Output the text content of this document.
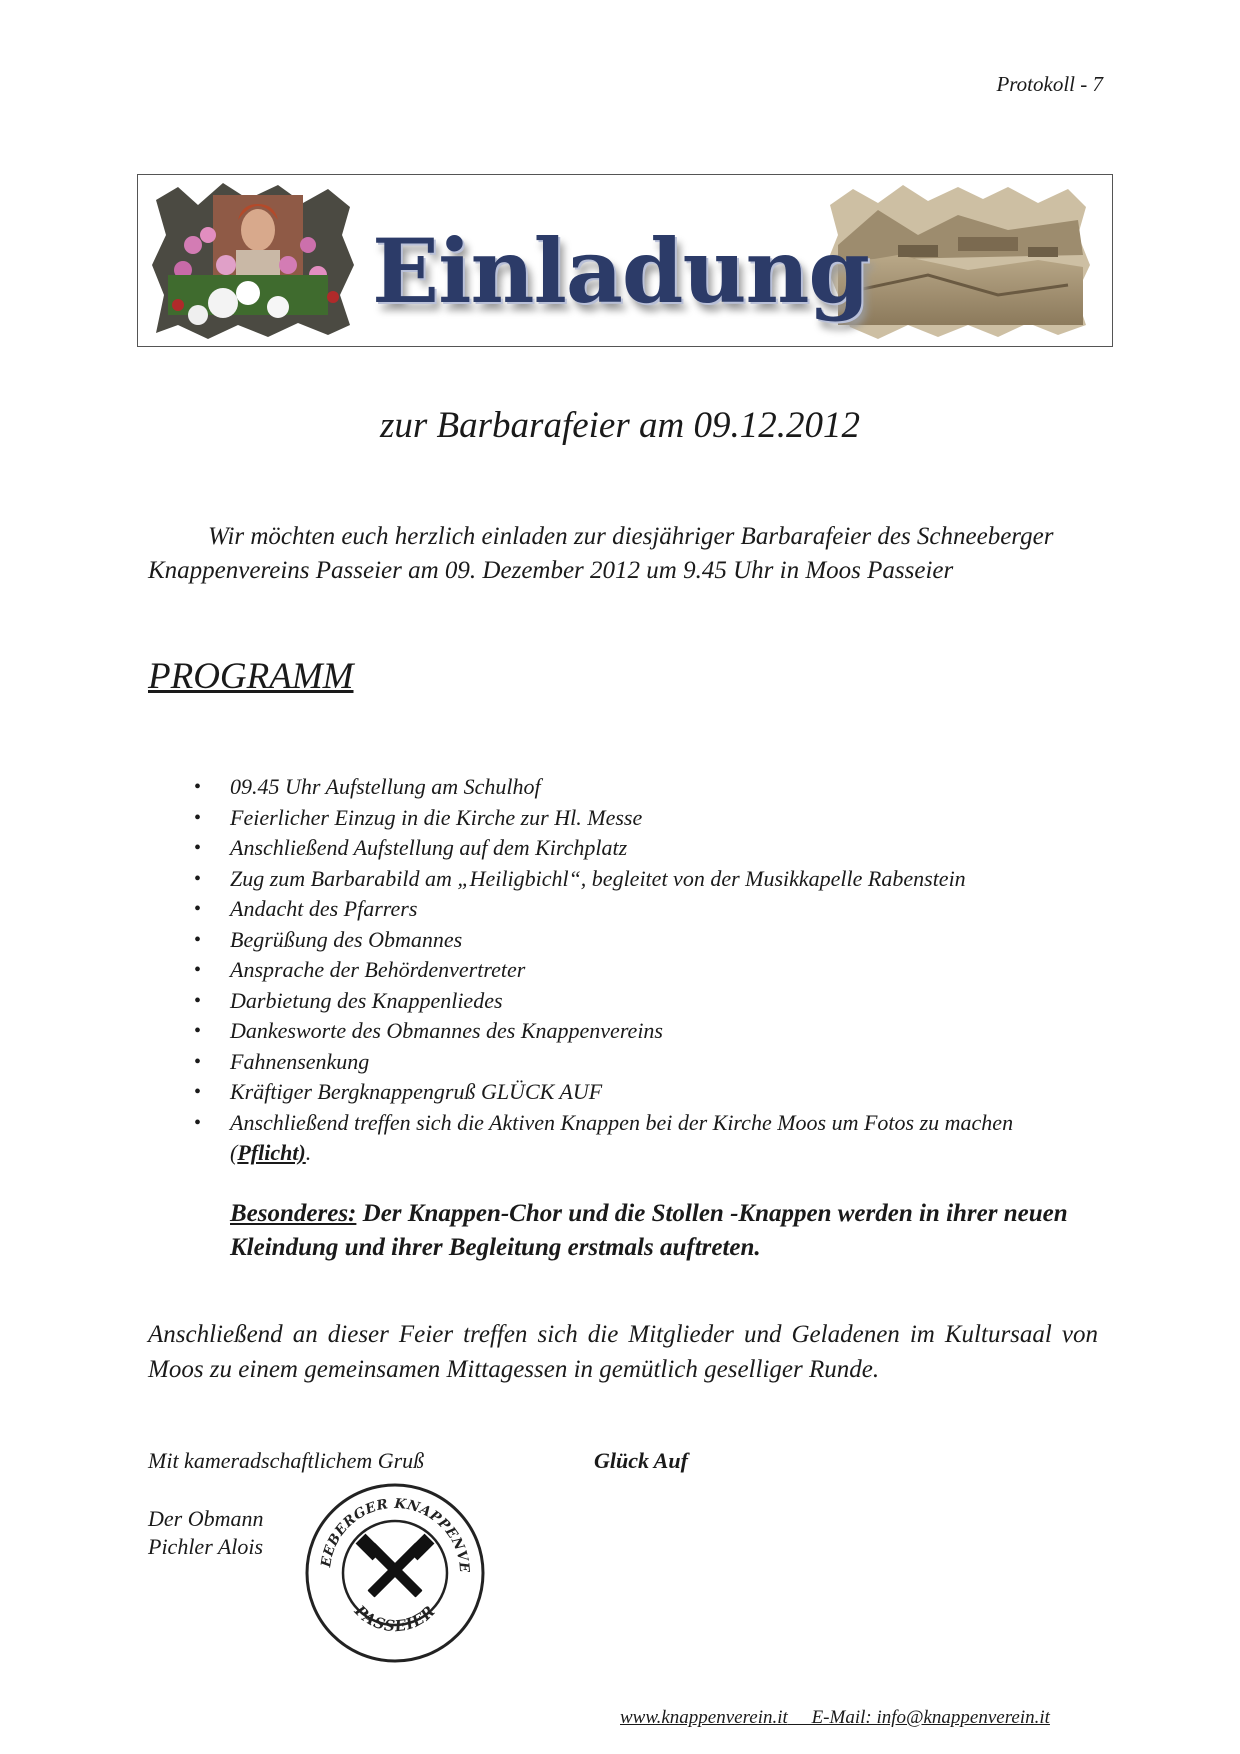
Protokoll - 7
Einladung
zur Barbarafeier am 09.12.2012
Wir möchten euch herzlich einladen zur diesjähriger Barbarafeier des Schneeberger Knappenvereins Passeier am 09. Dezember 2012 um 9.45 Uhr in Moos Passeier
PROGRAMM
• 09.45 Uhr Aufstellung am Schulhof
• Feierlicher Einzug in die Kirche zur Hl. Messe
• Anschließend Aufstellung auf dem Kirchplatz
• Zug zum Barbarabild am „Heiligbichl“, begleitet von der Musikkapelle Rabenstein
• Andacht des Pfarrers
• Begrüßung des Obmannes
• Ansprache der Behördenvertreter
• Darbietung des Knappenliedes
• Dankesworte des Obmannes des Knappenvereins
• Fahnensenkung
• Kräftiger Bergknappengruß GLÜCK AUF
• Anschließend treffen sich die Aktiven Knappen bei der Kirche Moos um Fotos zu machen (Pflicht).
Besonderes: Der Knappen-Chor und die Stollen -Knappen werden in ihrer neuen Kleindung und ihrer Begleitung erstmals auftreten.
Anschließend an dieser Feier treffen sich die Mitglieder und Geladenen im Kultursaal von Moos zu einem gemeinsamen Mittagessen in gemütlich geselliger Runde.
Mit kameradschaftlichem Gruß	Glück Auf
Der Obmann
Pichler Alois
EEBERGER KNAPPENVE
PASSEIER
www.knappenverein.it     E-Mail: info@knappenverein.it
